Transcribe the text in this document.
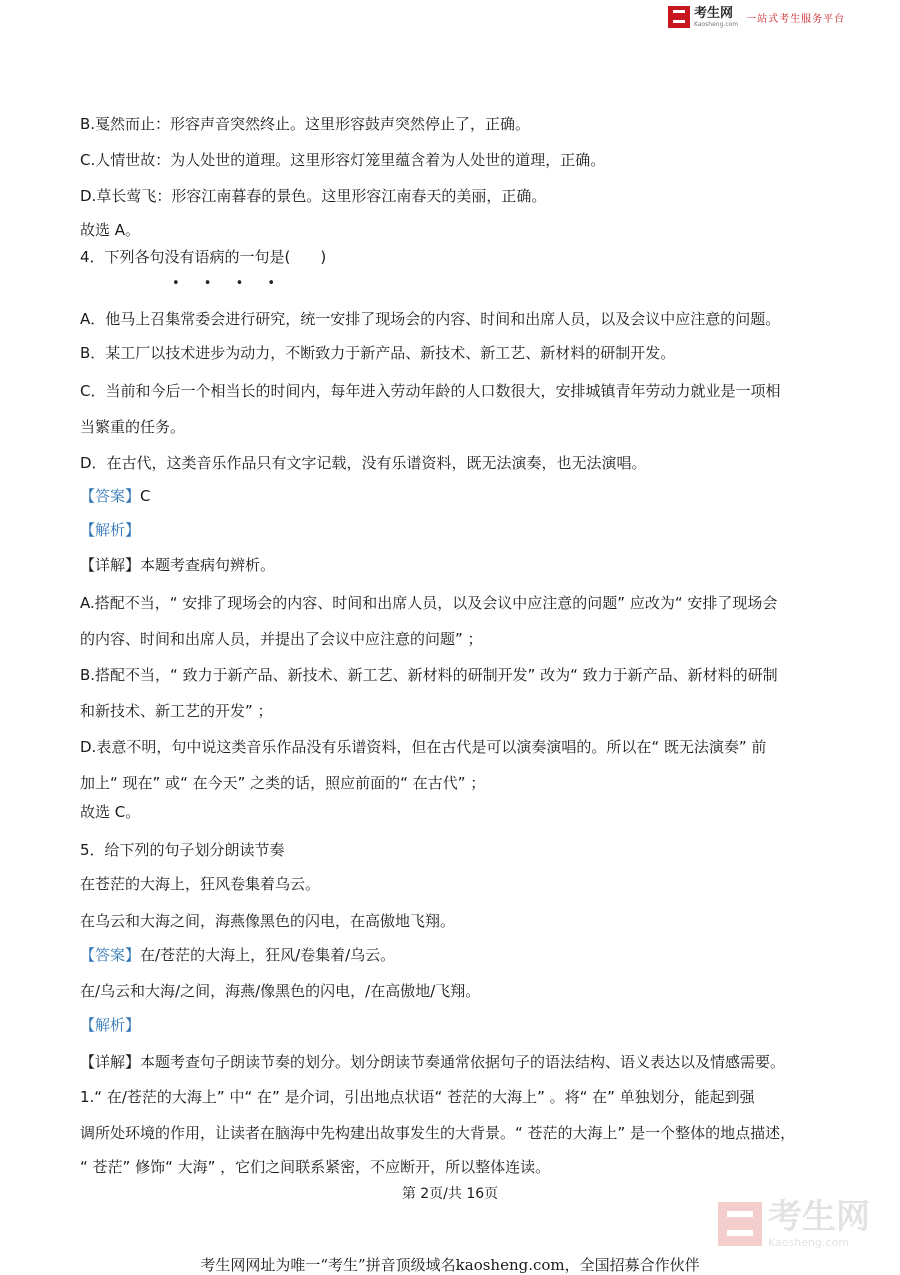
考生网
Kaosheng.com 一站式考生服务平台
B.戛然而止：形容声音突然终止。这里形容鼓声突然停止了，正确。
C.人情世故：为人处世的道理。这里形容灯笼里蕴含着为人处世的道理，正确。
D.草长莺飞：形容江南暮春的景色。这里形容江南春天的美丽，正确。
故选 A。
4．下列各句没有语病的一句是(　　)
• • • •
A．他马上召集常委会进行研究，统一安排了现场会的内容、时间和出席人员，以及会议中应注意的问题。
B．某工厂以技术进步为动力，不断致力于新产品、新技术、新工艺、新材料的研制开发。
C．当前和今后一个相当长的时间内，每年进入劳动年龄的人口数很大，安排城镇青年劳动力就业是一项相
当繁重的任务。
D．在古代，这类音乐作品只有文字记载，没有乐谱资料，既无法演奏，也无法演唱。
【答案】C
【解析】
【详解】本题考查病句辨析。
A.搭配不当，“ 安排了现场会的内容、时间和出席人员，以及会议中应注意的问题” 应改为“ 安排了现场会
的内容、时间和出席人员，并提出了会议中应注意的问题” ；
B.搭配不当，“ 致力于新产品、新技术、新工艺、新材料的研制开发” 改为“ 致力于新产品、新材料的研制
和新技术、新工艺的开发” ；
D.表意不明，句中说这类音乐作品没有乐谱资料，但在古代是可以演奏演唱的。所以在“ 既无法演奏” 前
加上“ 现在” 或“ 在今天” 之类的话，照应前面的“ 在古代” ；
故选 C。
5．给下列的句子划分朗读节奏
在苍茫的大海上，狂风卷集着乌云。
在乌云和大海之间，海燕像黑色的闪电，在高傲地飞翔。
【答案】在/苍茫的大海上，狂风/卷集着/乌云。
在/乌云和大海/之间，海燕/像黑色的闪电，/在高傲地/飞翔。
【解析】
【详解】本题考查句子朗读节奏的划分。划分朗读节奏通常依据句子的语法结构、语义表达以及情感需要。
1.“ 在/苍茫的大海上” 中“ 在” 是介词，引出地点状语“ 苍茫的大海上” 。将“ 在” 单独划分，能起到强
调所处环境的作用，让读者在脑海中先构建出故事发生的大背景。“ 苍茫的大海上” 是一个整体的地点描述，
“ 苍茫” 修饰“ 大海” ，它们之间联系紧密，不应断开，所以整体连读。
第 2页/共 16页
考生网
Kaosheng.com
考生网网址为唯一“考生”拼音顶级域名kaosheng.com，全国招募合作伙伴
